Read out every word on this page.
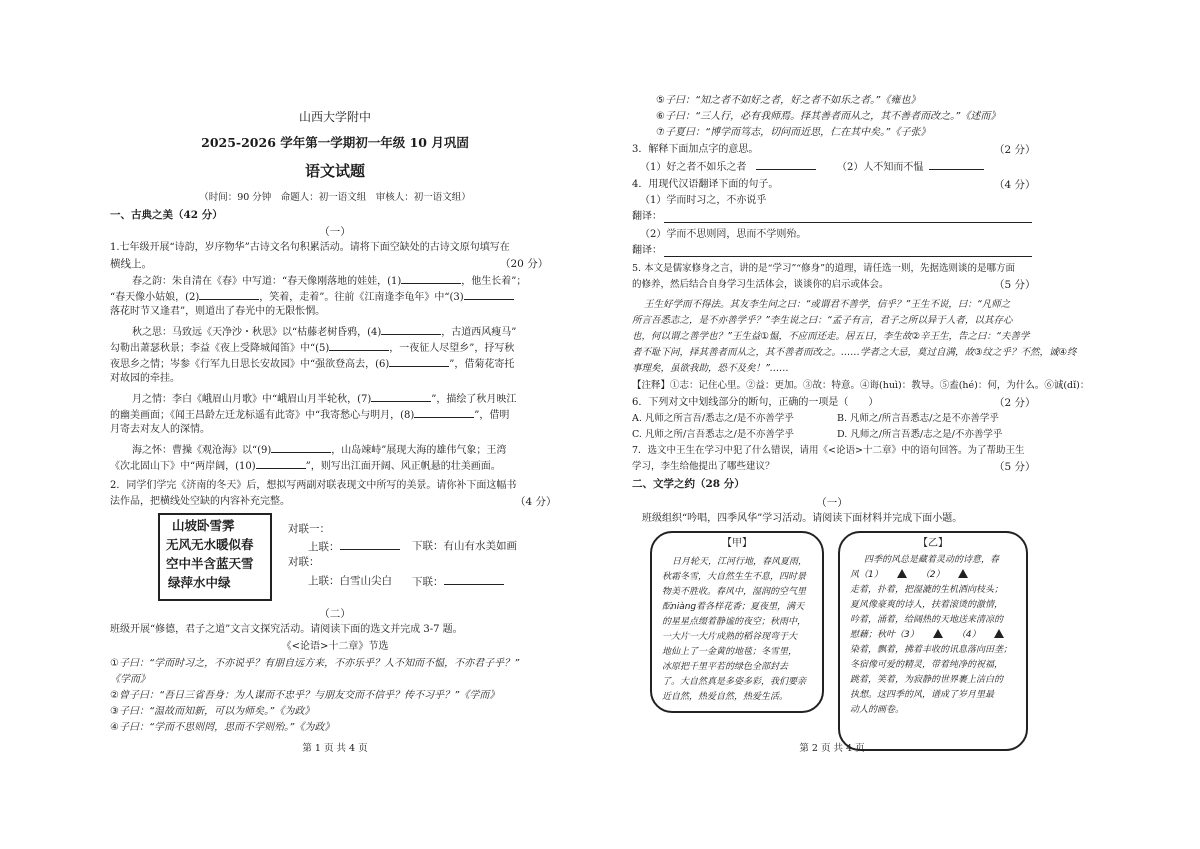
山西大学附中
2025-2026 学年第一学期初一年级 10 月巩固
语文试题
（时间：90 分钟　命题人：初一语文组　审核人：初一语文组）
一、古典之美（42 分）
（一）
1.七年级开展“诗韵，岁序物华”古诗文名句积累活动。请将下面空缺处的古诗文原句填写在
横线上。	（20 分）
春之韵：朱自清在《春》中写道：“春天像刚落地的娃娃，(1)	，他生长着”；
“春天像小姑娘，(2)	，笑着，走着”。往前《江南逢李龟年》中“(3)
落花时节又逢君”，则道出了春光中的无限怅惘。
秋之思：马致远《天净沙・秋思》以“枯藤老树昏鸦，(4)	，古道西风瘦马”
勾勒出萧瑟秋景；李益《夜上受降城闻笛》中“(5)	，一夜征人尽望乡”，抒写秋
夜思乡之情；岑参《行军九日思长安故园》中“强欲登高去，(6)	”，借菊花寄托
对故园的牵挂。
月之情：李白《峨眉山月歌》中“峨眉山月半轮秋，(7)	”，描绘了秋月映江
的幽美画面；《闻王昌龄左迁龙标遥有此寄》中“我寄愁心与明月，(8)	”，借明
月寄去对友人的深情。
海之怀：曹操《观沧海》以“(9)	，山岛竦峙”展现大海的雄伟气象；王湾
《次北固山下》中“两岸阔，(10)	”，则写出江面开阔、风正帆悬的壮美画面。
2．同学们学完《济南的冬天》后，想拟写两副对联表现文中所写的美景。请你补下面这幅书
法作品，把横线处空缺的内容补充完整。	（4 分）
山坡卧雪霁
无风无水暖似春
空中半含蓝天雪
绿萍水中绿
对联一：
上联：	下联：有山有水美如画
对联：
上联：白雪山尖白 下联：
（二）
班级开展“修德，君子之道”文言文探究活动。请阅读下面的选文并完成 3-7 题。
《<论语>十二章》节选
①子曰：“学而时习之，不亦说乎？有朋自远方来，不亦乐乎？人不知而不愠，不亦君子乎？”
《学而》
②曾子曰：“吾日三省吾身：为人谋而不忠乎？与朋友交而不信乎？传不习乎？”《学而》
③子曰：“温故而知新，可以为师矣。”《为政》
④子曰：“学而不思则罔，思而不学则殆。”《为政》
第 1 页 共 4 页
⑤子曰：“知之者不如好之者，好之者不如乐之者。”《雍也》
⑥子曰：“三人行，必有我师焉。择其善者而从之，其不善者而改之。”《述而》
⑦子夏曰：“博学而笃志，切问而近思，仁在其中矣。”《子张》
3．解释下面加点字的意思。	（2 分）
（1）好之者不如乐之者	（2）人不知而不愠
4．用现代汉语翻译下面的句子。	（4 分）
（1）学而时习之，不亦说乎
翻译：
（2）学而不思则罔，思而不学则殆。
翻译：
5. 本文是儒家修身之言，讲的是“学习”“修身”的道理，请任选一则，先据选则谈的是哪方面
的修养，然后结合自身学习生活体会，谈谈你的启示或体会。	（5 分）
王生好学而不得法。其友李生问之曰：“或谓君不善学，信乎？”王生不说，曰：“凡师之
所言吾悉志之，是不亦善学乎？”李生说之曰：“孟子有言，君子之所以异于人者，以其存心
也，何以谓之善学也？”王生益①愠，不应而还走。居五日，李生故②辛王生，告之曰：“夫善学
者不耻下问，择其善者而从之，其不善者而改之。……学者之大忌，莫过自满，故③纹之乎？不然，诚④终
事理矣，虽欲我助，恐不及矣！”……
【注释】①志：记住心里。②益：更加。③故：特意。④诲(huì)：教导。⑤盍(hé)：何，为什么。⑥诚(dǐ)：
6．下列对文中划线部分的断句，正确的一项是（　　）	（2 分）
A. 凡师之所言吾/悉志之/是不亦善学乎	B. 凡师之/所言吾悉志/之是不亦善学乎
C. 凡师之所/言吾悉志之/是不亦善学乎	D. 凡师之/所言吾悉/志之是/不亦善学乎
7．选文中王生在学习中犯了什么错误，请用《<论语>十二章》中的语句回答。为了帮助王生
学习，李生给他提出了哪些建议？	（5 分）
二、文学之约（28 分）
（一）
班级组织“吟唱，四季风华”学习活动。请阅读下面材料并完成下面小题。
【甲】
日月轮天，江河行地，春风夏雨，
秋霜冬雪，大自然生生不息，四时景
物美不胜收。春风中，湿润的空气里
酝niàng着各样花香；夏夜里，满天
的星星点缀着静谧的夜空；秋雨中，
一大片一大片成熟的稻谷现弯于大
地仙上了一金黄的地毯；冬雪里，
冰原把千里平若的绿色全部封去
了。大自然真是多姿多彩，我们要亲
近自然，热爱自然，热爱生活。
【乙】
四季的风总是藏着灵动的诗意，春
风（1）	（2）
走着，扑着，把湿漉的生机洒向枝头；
夏风像豪爽的诗人，扶着滚烫的激情，
吟着，涌着，给阔热的天地送来清凉的
慰藉；秋叶（3）	（4）
染着，飘着，拂着丰收的讯息落向田垄；
冬宿像可爱的精灵，带着纯净的祝福，
跳着，笑着，为寂静的世界裹上洁白的
执想。这四季的风，谱成了岁月里最
动人的画卷。
第 2 页 共 4 页
